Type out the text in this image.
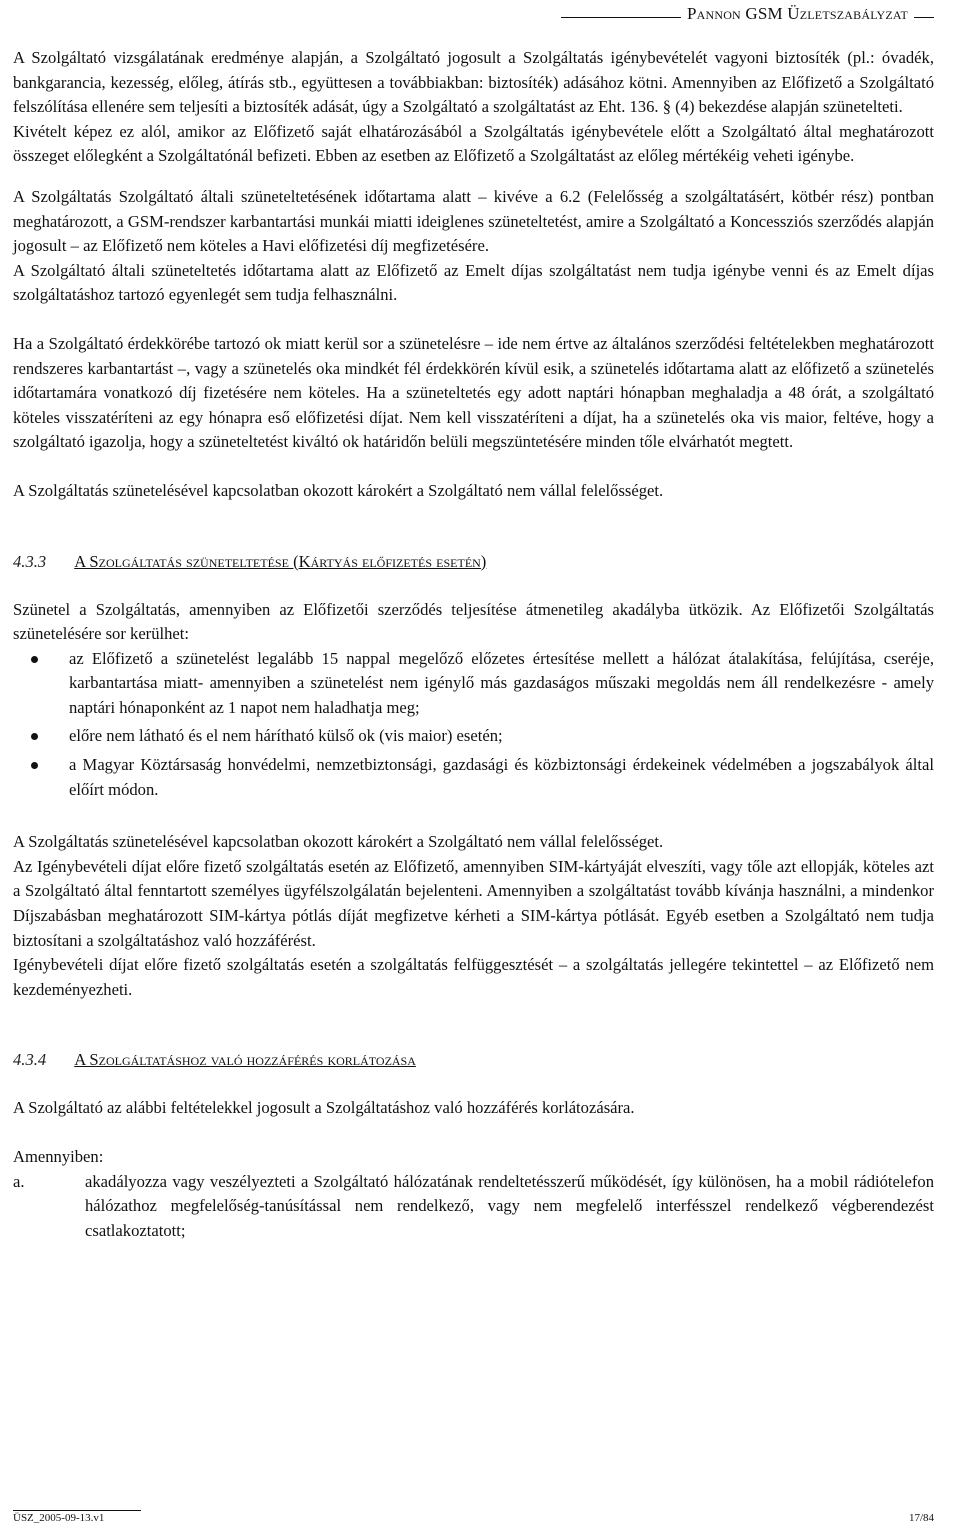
Pannon GSM Üzletszabályzat

A Szolgáltató vizsgálatának eredménye alapján, a Szolgáltató jogosult a Szolgáltatás igénybevételét vagyoni biztosíték (pl.: óvadék, bankgarancia, kezesség, előleg, átírás stb., együttesen a továbbiakban: biztosíték) adásához kötni. Amennyiben az Előfizető a Szolgáltató felszólítása ellenére sem teljesíti a biztosíték adását, úgy a Szolgáltató a szolgáltatást az Eht. 136. § (4) bekezdése alapján szünetelteti.

Kivételt képez ez alól, amikor az Előfizető saját elhatározásából a Szolgáltatás igénybevétele előtt a Szolgáltató által meghatározott összeget előlegként a Szolgáltatónál befizeti. Ebben az esetben az Előfizető a Szolgáltatást az előleg mértékéig veheti igénybe.

A Szolgáltatás Szolgáltató általi szüneteltetésének időtartama alatt – kivéve a 6.2 (Felelősség a szolgáltatásért, kötbér rész) pontban meghatározott, a GSM-rendszer karbantartási munkái miatti ideiglenes szüneteltetést, amire a Szolgáltató a Koncessziós szerződés alapján jogosult – az Előfizető nem köteles a Havi előfizetési díj megfizetésére.

A Szolgáltató általi szüneteltetés időtartama alatt az Előfizető az Emelt díjas szolgáltatást nem tudja igénybe venni és az Emelt díjas szolgáltatáshoz tartozó egyenlegét sem tudja felhasználni.

Ha a Szolgáltató érdekkörébe tartozó ok miatt kerül sor a szünetelésre – ide nem értve az általános szerződési feltételekben meghatározott rendszeres karbantartást –, vagy a szünetelés oka mindkét fél érdekkörén kívül esik, a szünetelés időtartama alatt az előfizető a szünetelés időtartamára vonatkozó díj fizetésére nem köteles. Ha a szüneteltetés egy adott naptári hónapban meghaladja a 48 órát, a szolgáltató köteles visszatéríteni az egy hónapra eső előfizetési díjat. Nem kell visszatéríteni a díjat, ha a szünetelés oka vis maior, feltéve, hogy a szolgáltató igazolja, hogy a szüneteltetést kiváltó ok határidőn belüli megszüntetésére minden tőle elvárhatót megtett.

A Szolgáltatás szünetelésével kapcsolatban okozott károkért a Szolgáltató nem vállal felelősséget.

4.3.3 A Szolgáltatás szüneteltetése (Kártyás előfizetés esetén)

Szünetel a Szolgáltatás, amennyiben az Előfizetői szerződés teljesítése átmenetileg akadályba ütközik. Az Előfizetői Szolgáltatás szünetelésére sor kerülhet:

az Előfizető a szünetelést legalább 15 nappal megelőző előzetes értesítése mellett a hálózat átalakítása, felújítása, cseréje, karbantartása miatt- amennyiben a szünetelést nem igénylő más gazdaságos műszaki megoldás nem áll rendelkezésre - amely naptári hónaponként az 1 napot nem haladhatja meg;
előre nem látható és el nem hárítható külső ok (vis maior) esetén;
a Magyar Köztársaság honvédelmi, nemzetbiztonsági, gazdasági és közbiztonsági érdekeinek védelmében a jogszabályok által előírt módon.

A Szolgáltatás szünetelésével kapcsolatban okozott károkért a Szolgáltató nem vállal felelősséget.

Az Igénybevételi díjat előre fizető szolgáltatás esetén az Előfizető, amennyiben SIM-kártyáját elveszíti, vagy tőle azt ellopják, köteles azt a Szolgáltató által fenntartott személyes ügyfélszolgálatán bejelenteni. Amennyiben a szolgáltatást tovább kívánja használni, a mindenkor Díjszabásban meghatározott SIM-kártya pótlás díját megfizetve kérheti a SIM-kártya pótlását. Egyéb esetben a Szolgáltató nem tudja biztosítani a szolgáltatáshoz való hozzáférést.

Igénybevételi díjat előre fizető szolgáltatás esetén a szolgáltatás felfüggesztését – a szolgáltatás jellegére tekintettel – az Előfizető nem kezdeményezheti.

4.3.4 A Szolgáltatáshoz való hozzáférés korlátozása

A Szolgáltató az alábbi feltételekkel jogosult a Szolgáltatáshoz való hozzáférés korlátozására.

Amennyiben:

a.	akadályozza vagy veszélyezteti a Szolgáltató hálózatának rendeltetésszerű működését, így különösen, ha a mobil rádiótelefon hálózathoz megfelelőség-tanúsítással nem rendelkező, vagy nem megfelelő interfésszel rendelkező végberendezést csatlakoztatott;
ÜSZ_2005-09-13.v1	17/84
